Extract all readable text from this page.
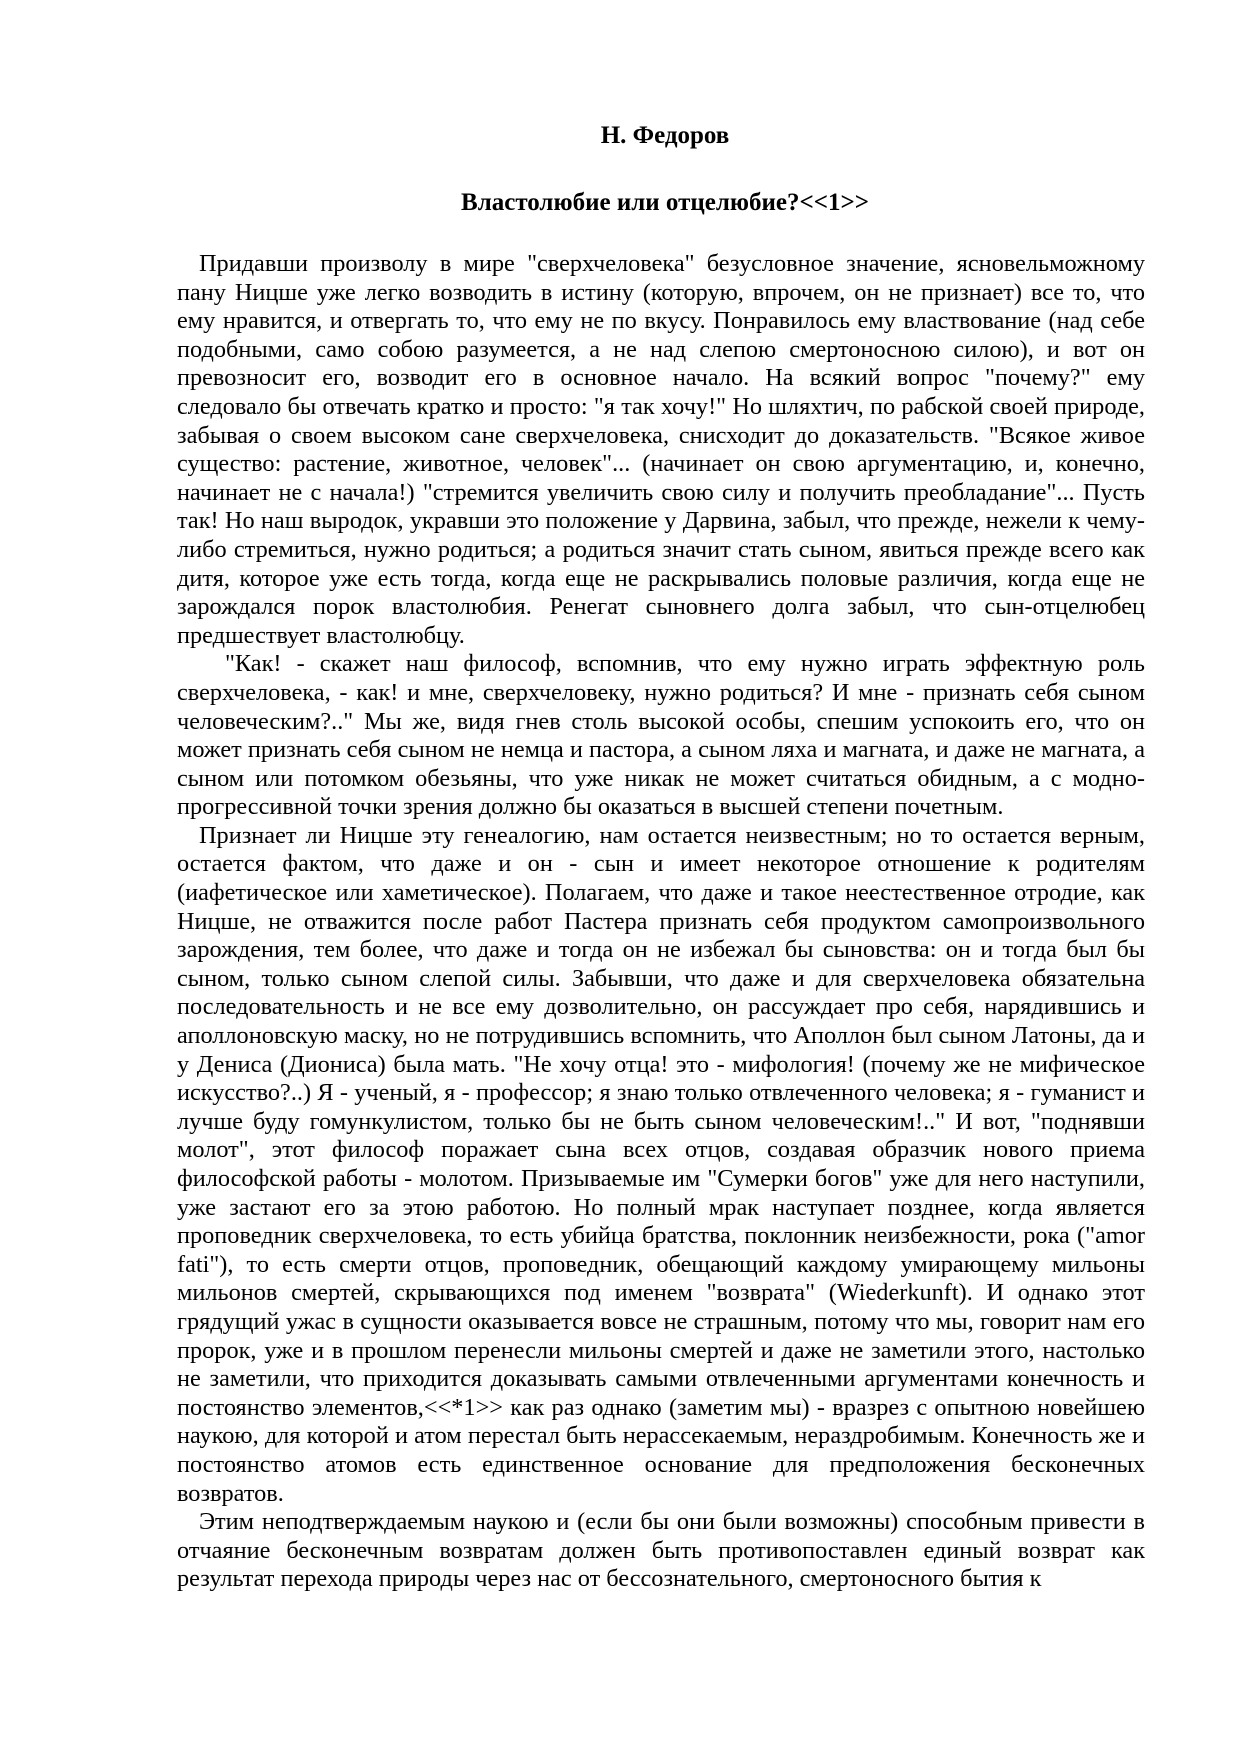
Н. Федоров
Властолюбие или отцелюбие?<<1>>

Придавши произволу в мире "сверхчеловека" безусловное значение, ясновельможному пану Ницше уже легко возводить в истину (которую, впрочем, он не признает) все то, что ему нравится, и отвергать то, что ему не по вкусу. Понравилось ему властвование (над себе подобными, само собою разумеется, а не над слепою смертоносною силою), и вот он превозносит его, возводит его в основное начало. На всякий вопрос "почему?" ему следовало бы отвечать кратко и просто: "я так хочу!" Но шляхтич, по рабской своей природе, забывая о своем высоком сане сверхчеловека, снисходит до доказательств. "Всякое живое существо: растение, животное, человек"... (начинает он свою аргументацию, и, конечно, начинает не с начала!) "стремится увеличить свою силу и получить преобладание"... Пусть так! Но наш выродок, укравши это положение у Дарвина, забыл, что прежде, нежели к чему-либо стремиться, нужно родиться; а родиться значит стать сыном, явиться прежде всего как дитя, которое уже есть тогда, когда еще не раскрывались половые различия, когда еще не зарождался порок властолюбия. Ренегат сыновнего долга забыл, что сын-отцелюбец предшествует властолюбцу.

"Как! - скажет наш философ, вспомнив, что ему нужно играть эффектную роль сверхчеловека, - как! и мне, сверхчеловеку, нужно родиться? И мне - признать себя сыном человеческим?.." Мы же, видя гнев столь высокой особы, спешим успокоить его, что он может признать себя сыном не немца и пастора, а сыном ляха и магната, и даже не магната, а сыном или потомком обезьяны, что уже никак не может считаться обидным, а с модно-прогрессивной точки зрения должно бы оказаться в высшей степени почетным.

Признает ли Ницше эту генеалогию, нам остается неизвестным; но то остается верным, остается фактом, что даже и он - сын и имеет некоторое отношение к родителям (иафетическое или хаметическое). Полагаем, что даже и такое неестественное отродие, как Ницше, не отважится после работ Пастера признать себя продуктом самопроизвольного зарождения, тем более, что даже и тогда он не избежал бы сыновства: он и тогда был бы сыном, только сыном слепой силы. Забывши, что даже и для сверхчеловека обязательна последовательность и не все ему дозволительно, он рассуждает про себя, нарядившись и аполлоновскую маску, но не потрудившись вспомнить, что Аполлон был сыном Латоны, да и у Дениса (Диониса) была мать. "Не хочу отца! это - мифология! (почему же не мифическое искусство?..) Я - ученый, я - профессор; я знаю только отвлеченного человека; я - гуманист и лучше буду гомункулистом, только бы не быть сыном человеческим!.." И вот, "поднявши молот", этот философ поражает сына всех отцов, создавая образчик нового приема философской работы - молотом. Призываемые им "Сумерки богов" уже для него наступили, уже застают его за этою работою. Но полный мрак наступает позднее, когда является проповедник сверхчеловека, то есть убийца братства, поклонник неизбежности, рока ("amor fati"), то есть смерти отцов, проповедник, обещающий каждому умирающему мильоны мильонов смертей, скрывающихся под именем "возврата" (Wiederkunft). И однако этот грядущий ужас в сущности оказывается вовсе не страшным, потому что мы, говорит нам его пророк, уже и в прошлом перенесли мильоны смертей и даже не заметили этого, настолько не заметили, что приходится доказывать самыми отвлеченными аргументами конечность и постоянство элементов,<<*1>> как раз однако (заметим мы) - вразрез с опытною новейшею наукою, для которой и атом перестал быть нерассекаемым, нераздробимым. Конечность же и постоянство атомов есть единственное основание для предположения бесконечных возвратов.

Этим неподтверждаемым наукою и (если бы они были возможны) способным привести в отчаяние бесконечным возвратам должен быть противопоставлен единый возврат как результат перехода природы через нас от бессознательного, смертоносного бытия к
